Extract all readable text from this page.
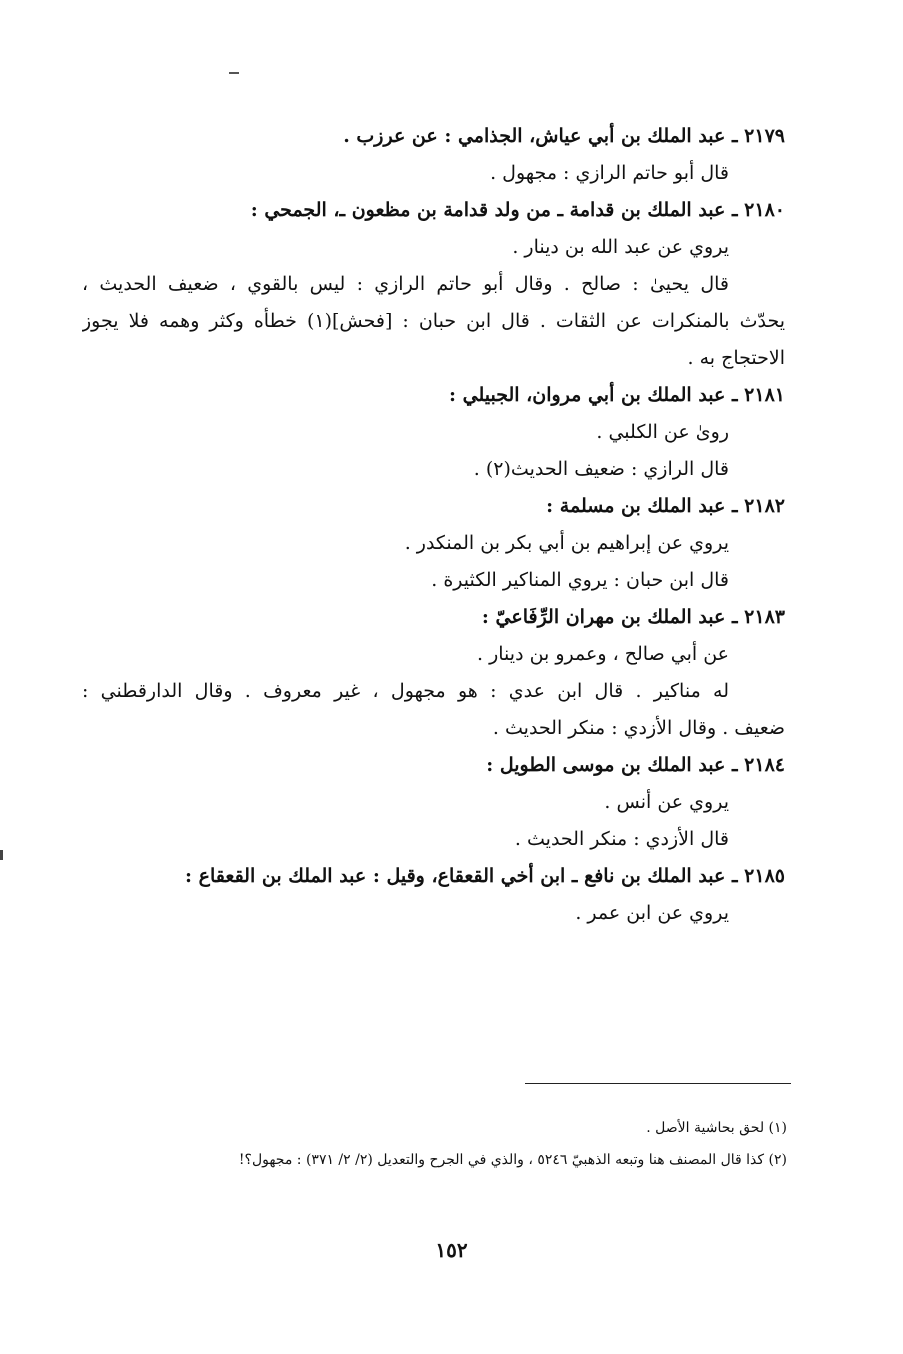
٢١٧٩ ـ عبد الملك بن أبي عياش، الجذامي : عن عرزب .
قال أبو حاتم الرازي : مجهول .
٢١٨٠ ـ عبد الملك بن قدامة ـ من ولد قدامة بن مظعون ـ، الجمحي :
يروي عن عبد الله بن دينار .
قال يحيىٰ : صالح . وقال أبو حاتم الرازي : ليس بالقوي ، ضعيف الحديث ،
يحدّث بالمنكرات عن الثقات . قال ابن حبان : [فحش](١) خطأه وكثر وهمه فلا يجوز
الاحتجاج به .
٢١٨١ ـ عبد الملك بن أبي مروان، الجبيلي :
روىٰ عن الكلبي .
قال الرازي : ضعيف الحديث(٢) .
٢١٨٢ ـ عبد الملك بن مسلمة :
يروي عن إبراهيم بن أبي بكر بن المنكدر .
قال ابن حبان : يروي المناكير الكثيرة .
٢١٨٣ ـ عبد الملك بن مهران الرِّفَاعيّ :
عن أبي صالح ، وعمرو بن دينار .
له مناكير . قال ابن عدي : هو مجهول ، غير معروف . وقال الدارقطني :
ضعيف . وقال الأزدي : منكر الحديث .
٢١٨٤ ـ عبد الملك بن موسى الطويل :
يروي عن أنس .
قال الأزدي : منكر الحديث .
٢١٨٥ ـ عبد الملك بن نافع ـ ابن أخي القعقاع، وقيل : عبد الملك بن القعقاع :
يروي عن ابن عمر .
(١) لحق بحاشية الأصل .
(٢) كذا قال المصنف هنا وتبعه الذهبيّ ٥٢٤٦ ، والذي في الجرح والتعديل (٢/ ٢/ ٣٧١) : مجهول؟!
١٥٢
